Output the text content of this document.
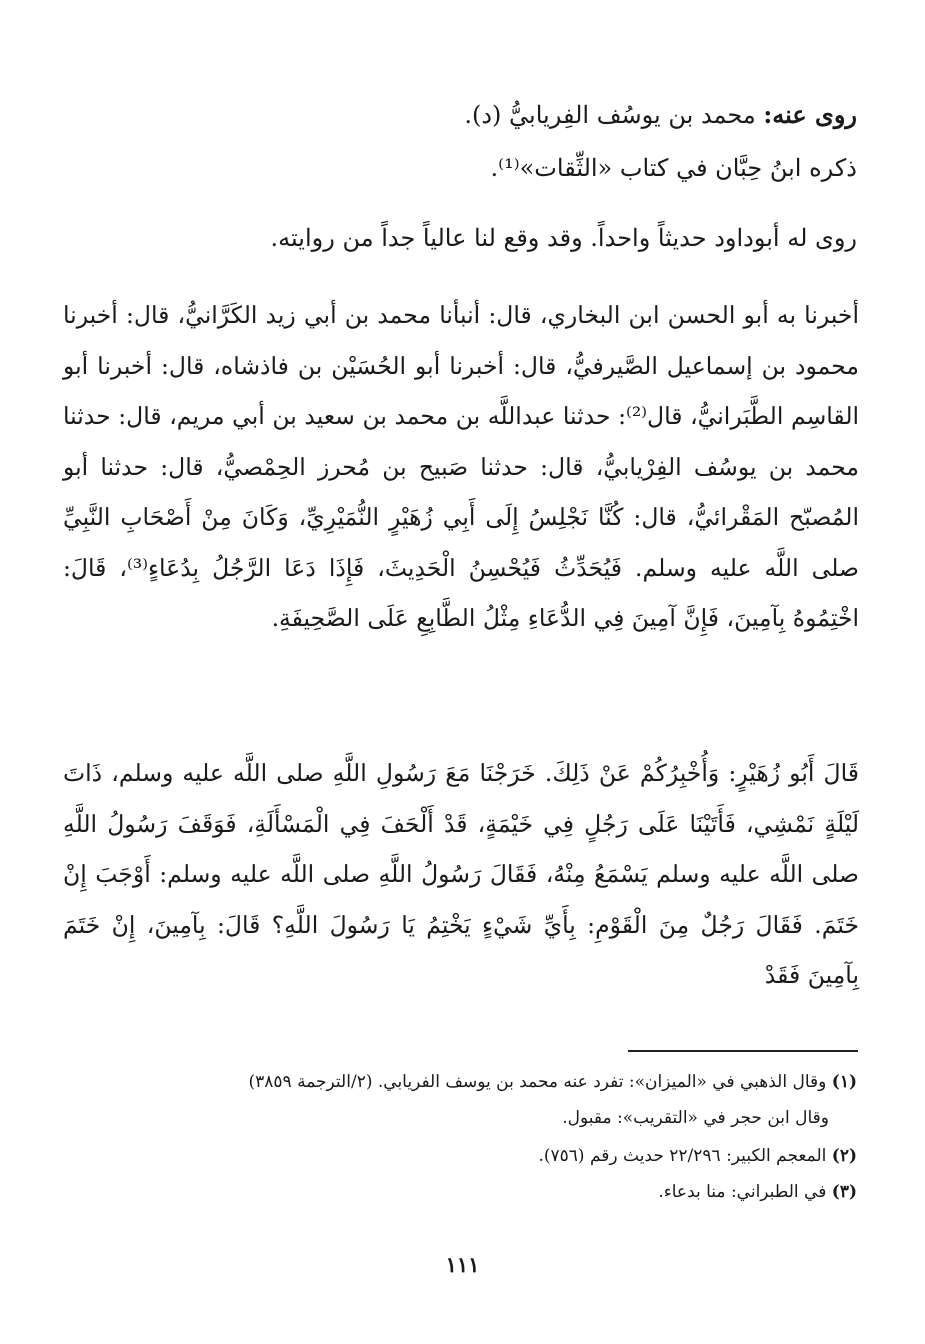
روى عنه: محمد بن يوسُف الفِريابيُّ (د).
ذكره ابنُ حِبَّان في كتاب «الثِّقات»⁽¹⁾.
روى له أبوداود حديثاً واحداً. وقد وقع لنا عالياً جداً من روايته.

أخبرنا به أبو الحسن ابن البخاري، قال: أنبأنا محمد بن أبي زيد الكَرَّانيُّ، قال: أخبرنا محمود بن إسماعيل الصَّيرفيُّ، قال: أخبرنا أبو الحُسَيْن بن فاذشاه، قال: أخبرنا أبو القاسِم الطَّبَرانيُّ، قال⁽²⁾: حدثنا عبداللَّه بن محمد بن سعيد بن أبي مريم، قال: حدثنا محمد بن يوسُف الفِرْيابيُّ، قال: حدثنا صَبيح بن مُحرز الحِمْصيُّ، قال: حدثنا أبو المُصبّح المَقْرائيُّ، قال: كُنَّا نَجْلِسُ إِلَى أَبِي زُهَيْرٍ النُّمَيْرِيِّ، وَكَانَ مِنْ أَصْحَابِ النَّبِيِّ صلى اللَّه عليه وسلم. فَيُحَدِّثُ فَيُحْسِنُ الْحَدِيثَ، فَإِذَا دَعَا الرَّجُلُ بِدُعَاءٍ⁽³⁾، قَالَ: اخْتِمُوهُ بِآمِينَ، فَإِنَّ آمِينَ فِي الدُّعَاءِ مِثْلُ الطَّابِعِ عَلَى الصَّحِيفَةِ.

قَالَ أَبُو زُهَيْرٍ: وَأُخْبِرُكُمْ عَنْ ذَلِكَ. خَرَجْنَا مَعَ رَسُولِ اللَّهِ صلى اللَّه عليه وسلم، ذَاتَ لَيْلَةٍ نَمْشِي، فَأَتَيْنَا عَلَى رَجُلٍ فِي خَيْمَةٍ، قَدْ أَلْحَفَ فِي الْمَسْأَلَةِ، فَوَقَفَ رَسُولُ اللَّهِ صلى اللَّه عليه وسلم يَسْمَعُ مِنْهُ، فَقَالَ رَسُولُ اللَّهِ صلى اللَّه عليه وسلم: أَوْجَبَ إِنْ خَتَمَ. فَقَالَ رَجُلٌ مِنَ الْقَوْمِ: بِأَيِّ شَيْءٍ يَخْتِمُ يَا رَسُولَ اللَّهِ؟ قَالَ: بِآمِينَ، إِنْ خَتَمَ بِآمِينَ فَقَدْ

(١) وقال الذهبي في «الميزان»: تفرد عنه محمد بن يوسف الفريابي. (٢/الترجمة ٣٨٥٩)
وقال ابن حجر في «التقريب»: مقبول.
(٢) المعجم الكبير: ٢٢/٢٩٦ حديث رقم (٧٥٦).
(٣) في الطبراني: منا بدعاء.
١١١
